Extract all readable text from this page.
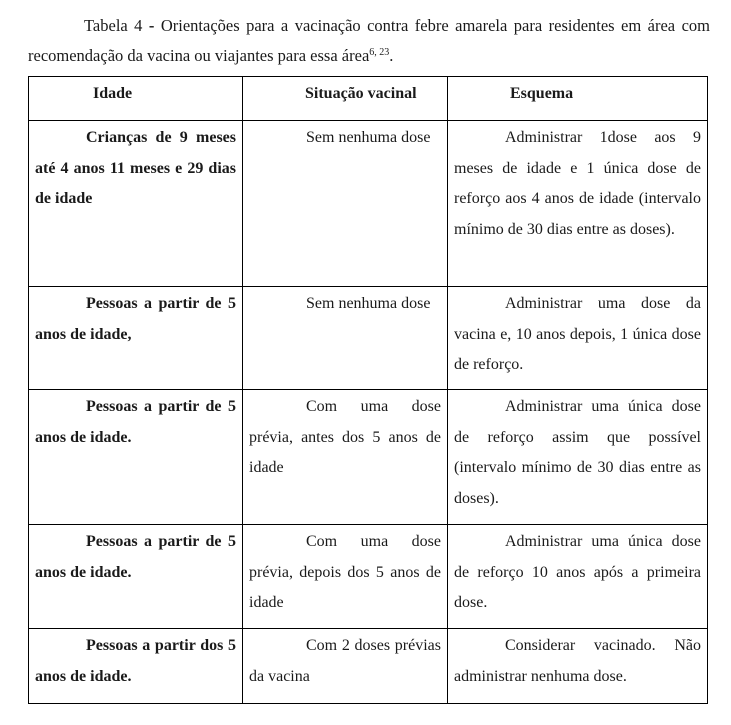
Tabela 4 - Orientações para a vacinação contra febre amarela para residentes em área com recomendação da vacina ou viajantes para essa área$^{6, 23}$.

Idade	Situação vacinal	Esquema
Crianças de 9 meses até 4 anos 11 meses e 29 dias de idade	Sem nenhuma dose	Administrar 1dose aos 9 meses de idade e 1 única dose de reforço aos 4 anos de idade (intervalo mínimo de 30 dias entre as doses).
Pessoas a partir de 5 anos de idade,	Sem nenhuma dose	Administrar uma dose da vacina e, 10 anos depois, 1 única dose de reforço.
Pessoas a partir de 5 anos de idade.	Com uma dose prévia, antes dos 5 anos de idade	Administrar uma única dose de reforço assim que possível (intervalo mínimo de 30 dias entre as doses).
Pessoas a partir de 5 anos de idade.	Com uma dose prévia, depois dos 5 anos de idade	Administrar uma única dose de reforço 10 anos após a primeira dose.
Pessoas a partir dos 5 anos de idade.	Com 2 doses prévias da vacina	Considerar vacinado. Não administrar nenhuma dose.
